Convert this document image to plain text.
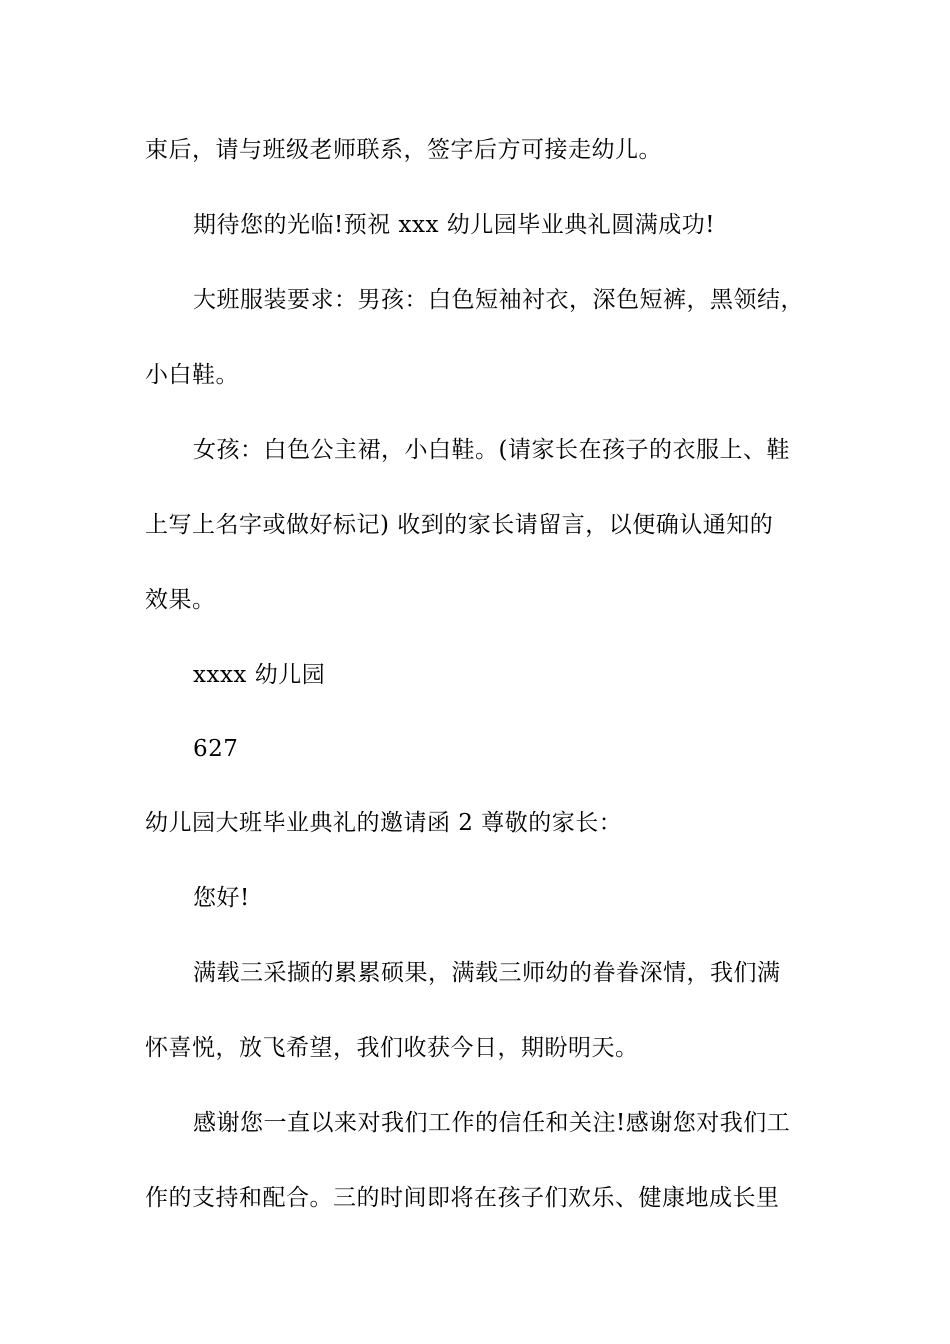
束后，请与班级老师联系，签字后方可接走幼儿。
期待您的光临!预祝 xxx 幼儿园毕业典礼圆满成功!
大班服装要求：男孩：白色短袖衬衣，深色短裤，黑领结，
小白鞋。
女孩：白色公主裙，小白鞋。(请家长在孩子的衣服上、鞋
上写上名字或做好标记) 收到的家长请留言，以便确认通知的
效果。
xxxx 幼儿园
627
幼儿园大班毕业典礼的邀请函 2 尊敬的家长：
您好!
满载三采撷的累累硕果，满载三师幼的眷眷深情，我们满
怀喜悦，放飞希望，我们收获今日，期盼明天。
感谢您一直以来对我们工作的信任和关注!感谢您对我们工
作的支持和配合。三的时间即将在孩子们欢乐、健康地成长里
